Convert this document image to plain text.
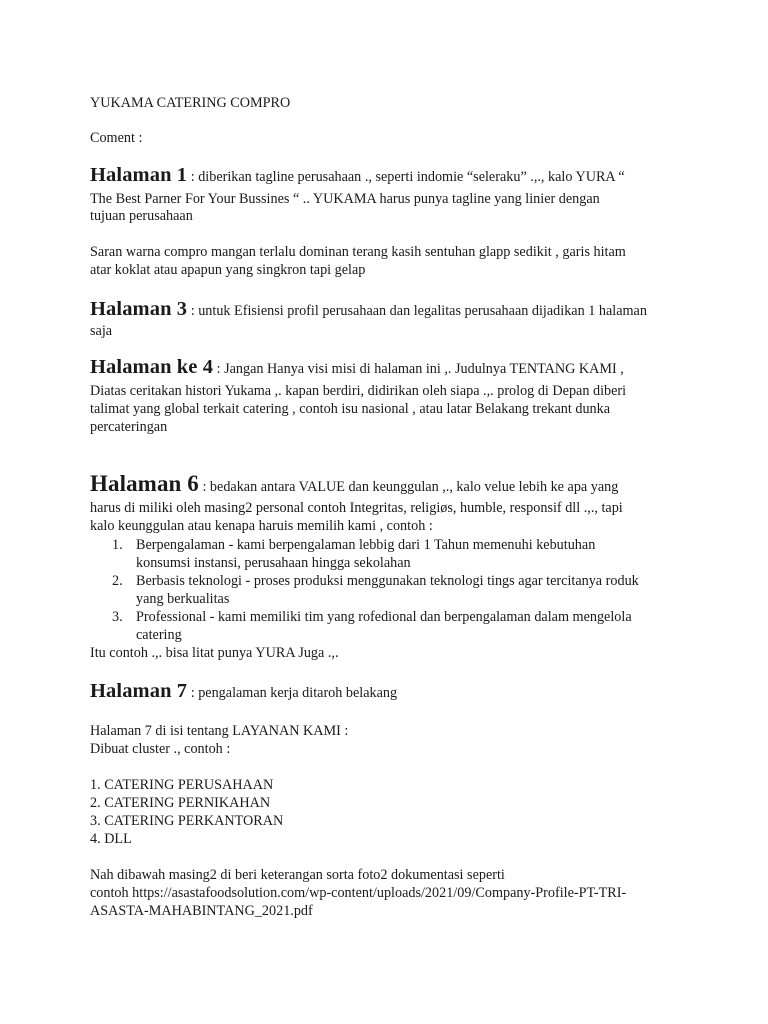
YUKAMA CATERING COMPRO
Coment :
Halaman 1 : diberikan tagline perusahaan ., seperti indomie “seleraku” .,., kalo YURA “
The Best Parner For Your Bussines “ .. YUKAMA harus punya tagline yang linier dengan
tujuan perusahaan
Saran warna compro mangan terlalu dominan terang kasih sentuhan glapp sedikit , garis hitam
atar koklat atau apapun yang singkron tapi gelap
Halaman 3 : untuk Efisiensi profil perusahaan dan legalitas perusahaan dijadikan 1 halaman
saja
Halaman ke 4 : Jangan Hanya visi misi di halaman ini ,. Judulnya TENTANG KAMI ,
Diatas ceritakan histori Yukama ,. kapan berdiri, didirikan oleh siapa .,. prolog di Depan diberi
talimat yang global terkait catering , contoh isu nasional , atau latar Belakang trekant dunka
percateringan
Halaman 6 : bedakan antara VALUE dan keunggulan ,., kalo velue lebih ke apa yang
harus di miliki oleh masing2 personal contoh Integritas, religiøs, humble, responsif dll .,., tapi
kalo keunggulan atau kenapa haruis memilih kami , contoh :
1. Berpengalaman - kami berpengalaman lebbig dari 1 Tahun memenuhi kebutuhan
konsumsi instansi, perusahaan hingga sekolahan
2. Berbasis teknologi - proses produksi menggunakan teknologi tings agar tercitanya roduk
yang berkualitas
3. Professional - kami memiliki tim yang rofedional dan berpengalaman dalam mengelola
catering
Itu contoh .,. bisa litat punya YURA Juga .,.
Halaman 7 : pengalaman kerja ditaroh belakang
Halaman 7 di isi tentang LAYANAN KAMI :
Dibuat cluster ., contoh :
1. CATERING PERUSAHAAN
2. CATERING PERNIKAHAN
3. CATERING PERKANTORAN
4. DLL
Nah dibawah masing2 di beri keterangan sorta foto2 dokumentasi seperti
contoh https://asastafoodsolution.com/wp-content/uploads/2021/09/Company-Profile-PT-TRI-
ASASTA-MAHABINTANG_2021.pdf
